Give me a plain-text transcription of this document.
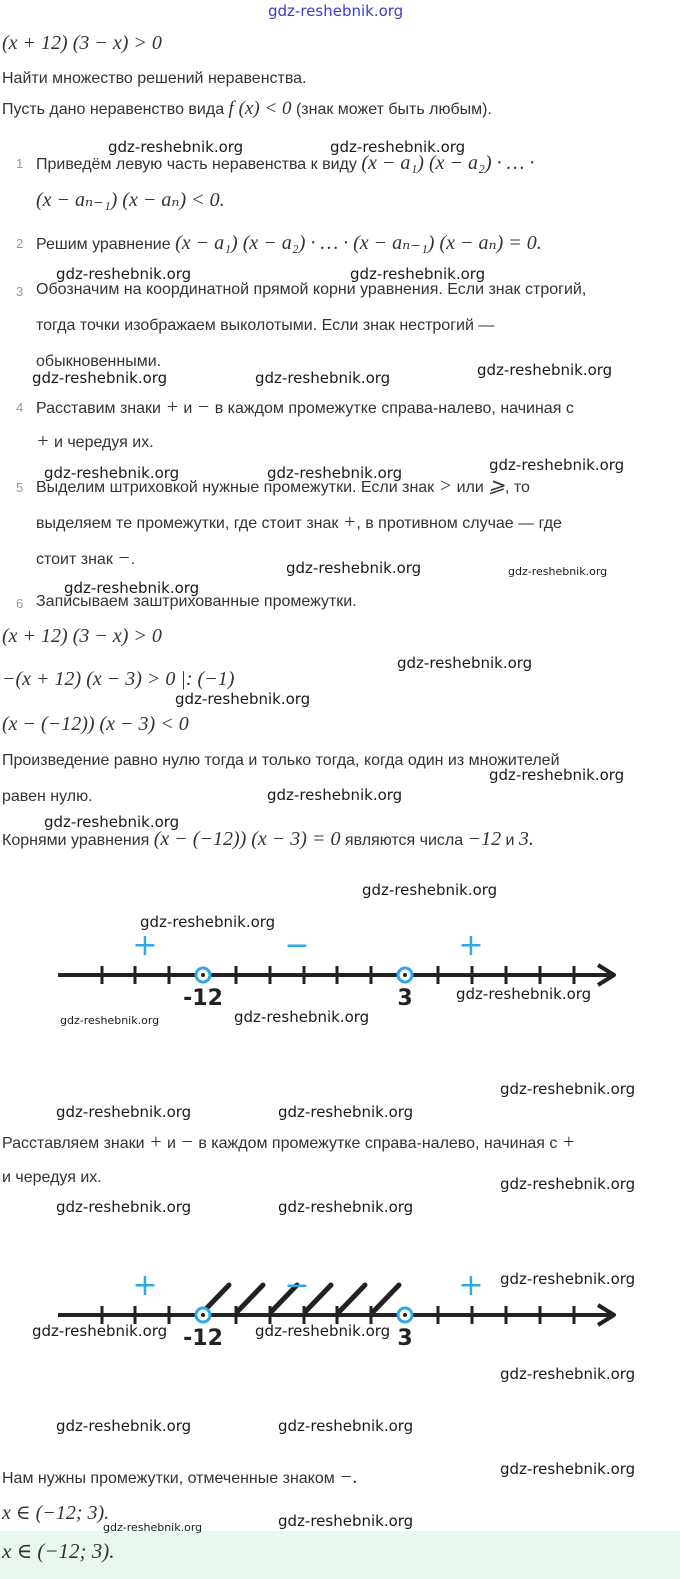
gdz-reshebnik.org
(x + 12) (3 − x) > 0
Найти множество решений неравенства.
Пусть дано неравенство вида f (x) < 0 (знак может быть любым).
1 Приведём левую часть неравенства к виду (x − a₁) (x − a₂) · … ·
(x − aₙ₋₁) (x − aₙ) < 0.
2 Решим уравнение (x − a₁) (x − a₂) · … · (x − aₙ₋₁) (x − aₙ) = 0.
3 Обозначим на координатной прямой корни уравнения. Если знак строгий,
тогда точки изображаем выколотыми. Если знак нестрогий —
обыкновенными.
4 Расставим знаки + и − в каждом промежутке справа-налево, начиная с
+ и чередуя их.
5 Выделим штриховкой нужные промежутки. Если знак > или ⩾, то
выделяем те промежутки, где стоит знак +, в противном случае — где
стоит знак −.
6 Записываем заштрихованные промежутки.
(x + 12) (3 − x) > 0
−(x + 12) (x − 3) > 0 |: (−1)
(x − (−12)) (x − 3) < 0
Произведение равно нулю тогда и только тогда, когда один из множителей
равен нулю.
Корнями уравнения (x − (−12)) (x − 3) = 0 являются числа −12 и 3.
-12	3
+	−	+
Расставляем знаки + и − в каждом промежутке справа-налево, начиная с +
и чередуя их.
-12	3
+	−	+
Нам нужны промежутки, отмеченные знаком −.
x ∈ (−12; 3).
x ∈ (−12; 3).
gdz-reshebnik.org	gdz-reshebnik.org
gdz-reshebnik.org	gdz-reshebnik.org
gdz-reshebnik.org	gdz-reshebnik.org	gdz-reshebnik.org
gdz-reshebnik.org	gdz-reshebnik.org	gdz-reshebnik.org
gdz-reshebnik.org
gdz-reshebnik.org	gdz-reshebnik.org
gdz-reshebnik.org
gdz-reshebnik.org
gdz-reshebnik.org
gdz-reshebnik.org
gdz-reshebnik.org
gdz-reshebnik.org
gdz-reshebnik.org
gdz-reshebnik.org
gdz-reshebnik.org	gdz-reshebnik.org
gdz-reshebnik.org
gdz-reshebnik.org	gdz-reshebnik.org
gdz-reshebnik.org
gdz-reshebnik.org	gdz-reshebnik.org
gdz-reshebnik.org
gdz-reshebnik.org	gdz-reshebnik.org
gdz-reshebnik.org
gdz-reshebnik.org	gdz-reshebnik.org
gdz-reshebnik.org
gdz-reshebnik.org	gdz-reshebnik.org
